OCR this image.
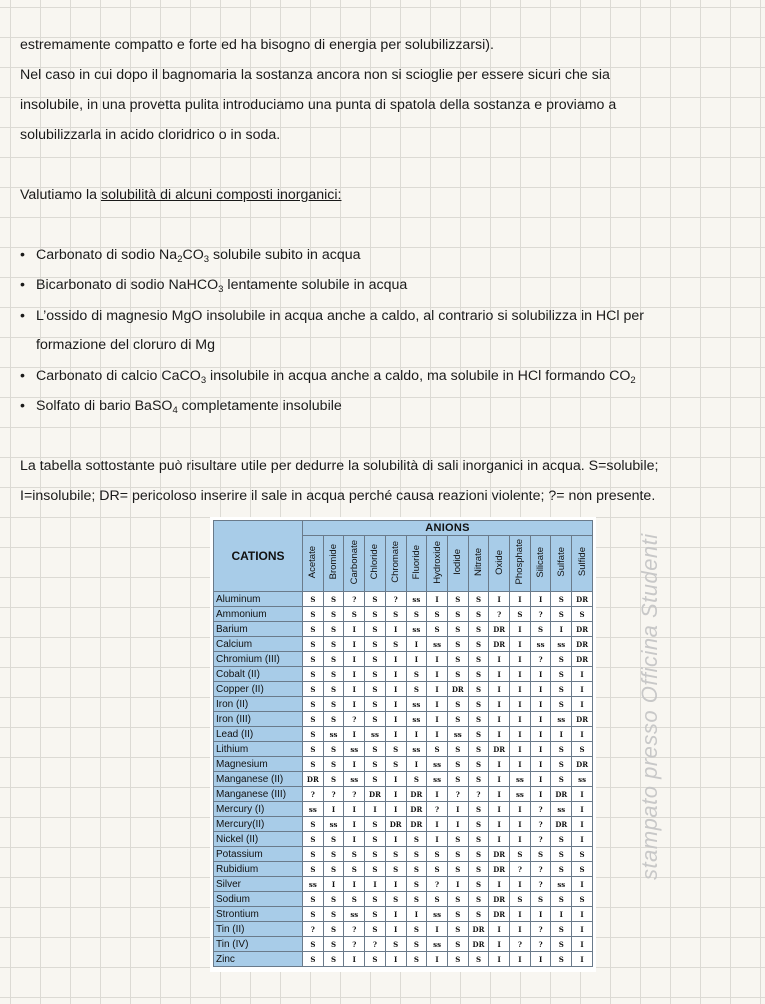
estremamente compatto e forte ed ha bisogno di energia per solubilizzarsi).
Nel caso in cui dopo il bagnomaria la sostanza ancora non si scioglie per essere sicuri che sia
insolubile, in una provetta pulita introduciamo una punta di spatola della sostanza e proviamo a
solubilizzarla in acido cloridrico o in soda.
Valutiamo la solubilità di alcuni composti inorganici:
• Carbonato di sodio $Na_2CO_3$ solubile subito in acqua
• Bicarbonato di sodio NaHCO$_3$ lentamente solubile in acqua
• L’ossido di magnesio MgO insolubile in acqua anche a caldo, al contrario si solubilizza in HCl per
formazione del cloruro di Mg
• Carbonato di calcio CaCO$_3$ insolubile in acqua anche a caldo, ma solubile in HCl formando $CO_2$
• Solfato di bario BaSO$_4$ completamente insolubile
La tabella sottostante può risultare utile per dedurre la solubilità di sali inorganici in acqua. S=solubile;
I=insolubile; DR= pericoloso inserire il sale in acqua perché causa reazioni violente; ?= non presente.
CATIONS	ANIONS													
	Acetate	Bromide	Carbonate	Chloride	Chromate	Fluoride	Hydroxide	Iodide	Nitrate	Oxide	Phosphate	Silicate	Sulfate	Sulfide
Aluminum	S	S	?	S	?	ss	I	S	S	I	I	I	S	DR
Ammonium	S	S	S	S	S	S	S	S	S	?	S	?	S	S
Barium	S	S	I	S	I	ss	S	S	S	DR	I	S	I	DR
Calcium	S	S	I	S	S	I	ss	S	S	DR	I	ss	ss	DR
Chromium (III)	S	S	I	S	I	I	I	S	S	I	I	?	S	DR
Cobalt (II)	S	S	I	S	I	S	I	S	S	I	I	I	S	I
Copper (II)	S	S	I	S	I	S	I	DR	S	I	I	I	S	I
Iron (II)	S	S	I	S	I	ss	I	S	S	I	I	I	S	I
Iron (III)	S	S	?	S	I	ss	I	S	S	I	I	I	ss	DR
Lead (II)	S	ss	I	ss	I	I	I	ss	S	I	I	I	I	I
Lithium	S	S	ss	S	S	ss	S	S	S	DR	I	I	S	S
Magnesium	S	S	I	S	S	I	ss	S	S	I	I	I	S	DR
Manganese (II)	DR	S	ss	S	I	S	ss	S	S	I	ss	I	S	ss
Manganese (III)	?	?	?	DR	I	DR	I	?	?	I	ss	I	DR	I
Mercury (I)	ss	I	I	I	I	DR	?	I	S	I	I	?	ss	I
Mercury(II)	S	ss	I	S	DR	DR	I	I	S	I	I	?	DR	I
Nickel (II)	S	S	I	S	I	S	I	S	S	I	I	?	S	I
Potassium	S	S	S	S	S	S	S	S	S	DR	S	S	S	S
Rubidium	S	S	S	S	S	S	S	S	S	DR	?	?	S	S
Silver	ss	I	I	I	I	S	?	I	S	I	I	?	ss	I
Sodium	S	S	S	S	S	S	S	S	S	DR	S	S	S	S
Strontium	S	S	ss	S	I	I	ss	S	S	DR	I	I	I	I
Tin (II)	?	S	?	S	I	S	I	S	DR	I	I	?	S	I
Tin (IV)	S	S	?	?	S	S	ss	S	DR	I	?	?	S	I
Zinc	S	S	I	S	I	S	I	S	S	I	I	I	S	I
stampato presso Officina Studenti
